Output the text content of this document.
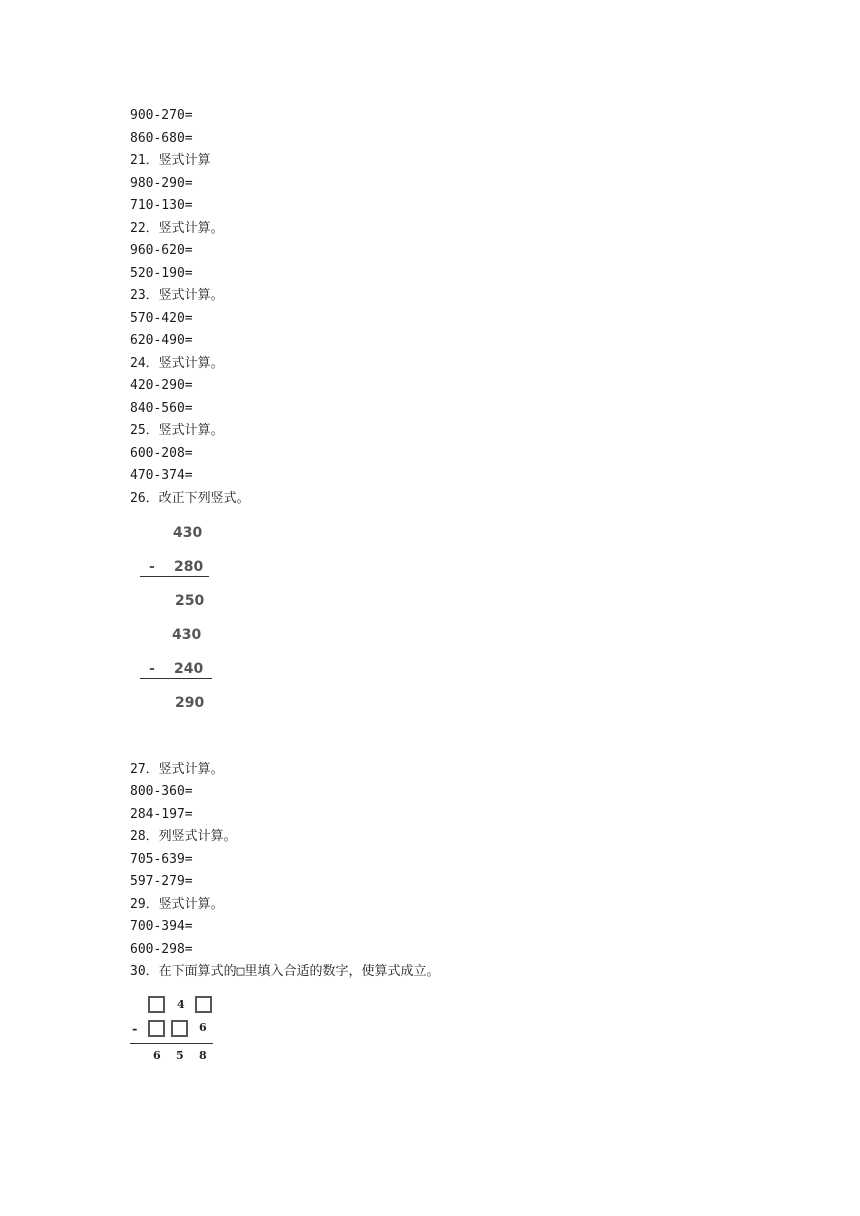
900-270=
860-680=
21．竖式计算
980-290=
710-130=
22．竖式计算。
960-620=
520-190=
23．竖式计算。
570-420=
620-490=
24．竖式计算。
420-290=
840-560=
25．竖式计算。
600-208=
470-374=
26．改正下列竖式。
430
- 280
250
430
- 240
290
27．竖式计算。
800-360=
284-197=
28．列竖式计算。
705-639=
597-279=
29．竖式计算。
700-394=
600-298=
30．在下面算式的□里填入合适的数字，使算式成立。
4
-	6
6 5 8
